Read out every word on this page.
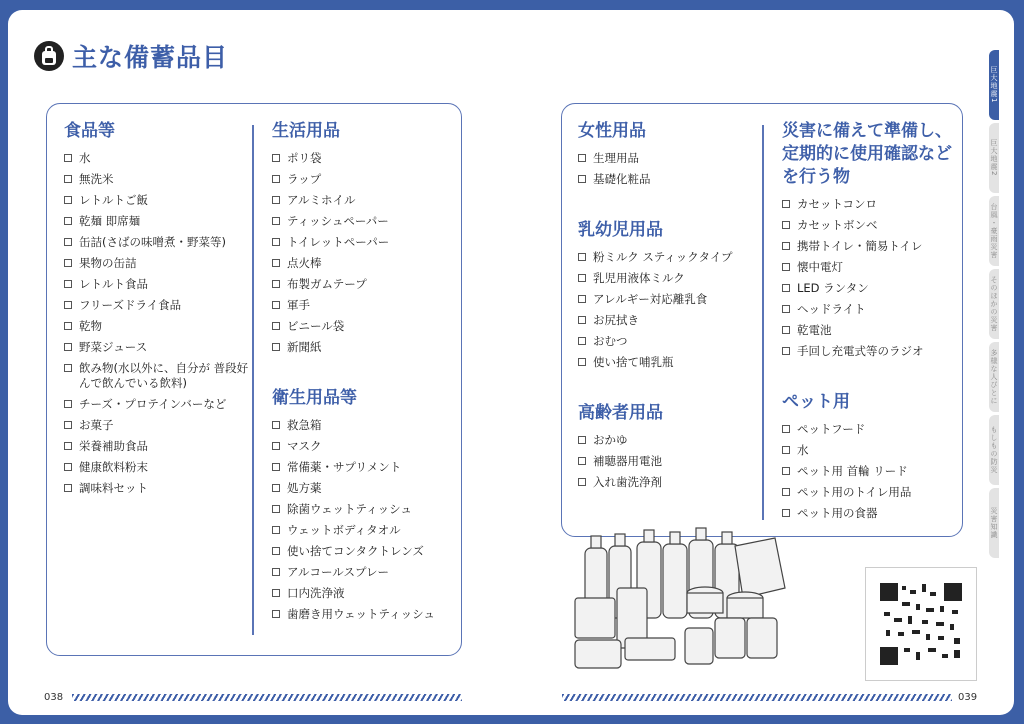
主な備蓄品目
食品等
水
無洗米
レトルトご飯
乾麺 即席麺
缶詰(さばの味噌煮・野菜等)
果物の缶詰
レトルト食品
フリーズドライ食品
乾物
野菜ジュース
飲み物(水以外に、自分が 普段好んで飲んでいる飲料)
チーズ・プロテインバーなど
お菓子
栄養補助食品
健康飲料粉末
調味料セット
生活用品
ポリ袋
ラップ
アルミホイル
ティッシュペーパー
トイレットペーパー
点火棒
布製ガムテープ
軍手
ビニール袋
新聞紙
衛生用品等
救急箱
マスク
常備薬・サプリメント
処方薬
除菌ウェットティッシュ
ウェットボディタオル
使い捨てコンタクトレンズ
アルコールスプレー
口内洗浄液
歯磨き用ウェットティッシュ
女性用品
生理用品
基礎化粧品
乳幼児用品
粉ミルク スティックタイプ
乳児用液体ミルク
アレルギー対応離乳食
お尻拭き
おむつ
使い捨て哺乳瓶
高齢者用品
おかゆ
補聴器用電池
入れ歯洗浄剤
災害に備えて準備し、定期的に使用確認などを行う物
カセットコンロ
カセットボンベ
携帯トイレ・簡易トイレ
懐中電灯
LED ランタン
ヘッドライト
乾電池
手回し充電式等のラジオ
ペット用
ペットフード
水
ペット用 首輪 リード
ペット用のトイレ用品
ペット用の食器
038	039
巨大地震1
巨大地震2
台風・豪雨災害
そのほかの災害
多様な人びとに
もしもの防災
災害知識
